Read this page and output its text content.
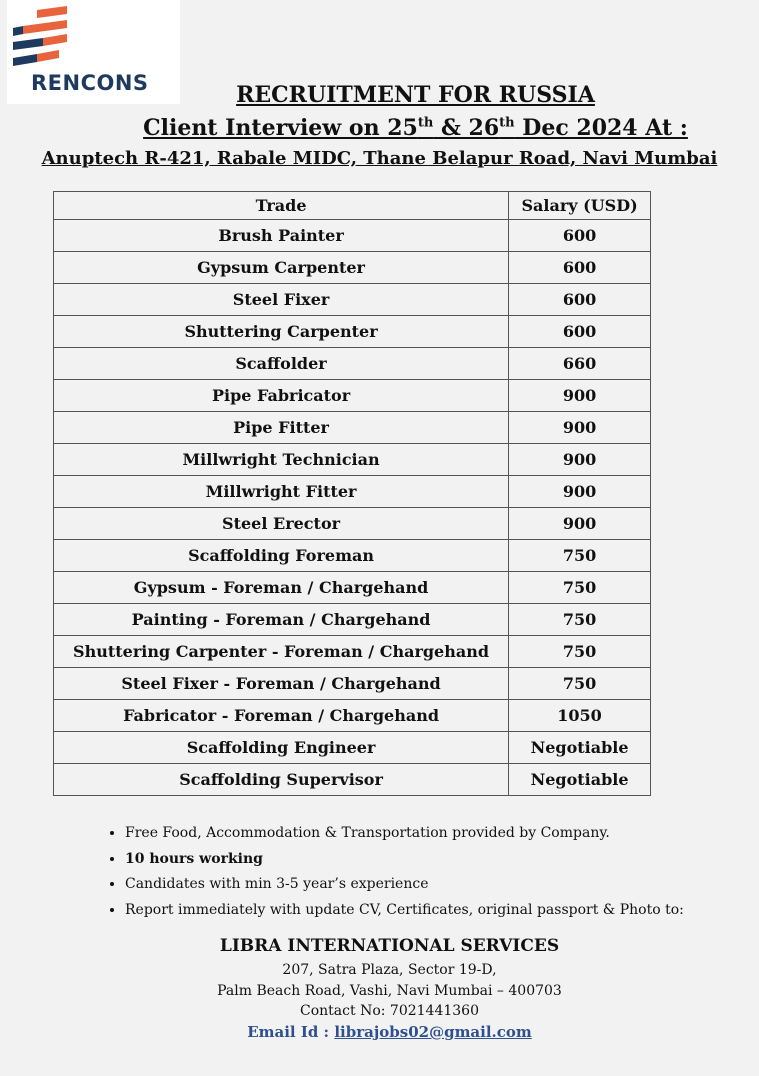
RENCONS	RECRUITMENT FOR RUSSIA
Client Interview on 25th & 26th Dec 2024 At :
Anuptech R-421, Rabale MIDC, Thane Belapur Road, Navi Mumbai
Trade	Salary (USD)
Brush Painter	600
Gypsum Carpenter	600
Steel Fixer	600
Shuttering Carpenter	600
Scaffolder	660
Pipe Fabricator	900
Pipe Fitter	900
Millwright Technician	900
Millwright Fitter	900
Steel Erector	900
Scaffolding Foreman	750
Gypsum - Foreman / Chargehand	750
Painting - Foreman / Chargehand	750
Shuttering Carpenter - Foreman / Chargehand	750
Steel Fixer - Foreman / Chargehand	750
Fabricator - Foreman / Chargehand	1050
Scaffolding Engineer	Negotiable
Scaffolding Supervisor	Negotiable
• Free Food, Accommodation & Transportation provided by Company.
• 10 hours working
• Candidates with min 3-5 year’s experience
• Report immediately with update CV, Certificates, original passport & Photo to:
LIBRA INTERNATIONAL SERVICES
207, Satra Plaza, Sector 19-D,
Palm Beach Road, Vashi, Navi Mumbai – 400703
Contact No: 7021441360
Email Id : librajobs02@gmail.com
